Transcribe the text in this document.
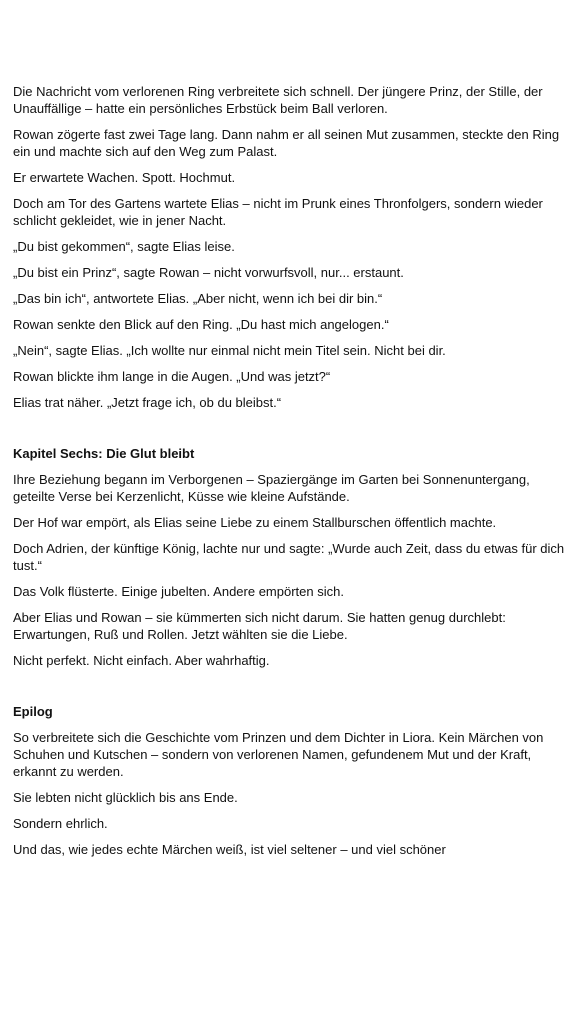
Die Nachricht vom verlorenen Ring verbreitete sich schnell. Der jüngere Prinz, der Stille, der Unauffällige – hatte ein persönliches Erbstück beim Ball verloren.

Rowan zögerte fast zwei Tage lang. Dann nahm er all seinen Mut zusammen, steckte den Ring ein und machte sich auf den Weg zum Palast.

Er erwartete Wachen. Spott. Hochmut.

Doch am Tor des Gartens wartete Elias – nicht im Prunk eines Thronfolgers, sondern wieder schlicht gekleidet, wie in jener Nacht.

„Du bist gekommen“, sagte Elias leise.

„Du bist ein Prinz“, sagte Rowan – nicht vorwurfsvoll, nur... erstaunt.

„Das bin ich“, antwortete Elias. „Aber nicht, wenn ich bei dir bin.“

Rowan senkte den Blick auf den Ring. „Du hast mich angelogen.“

„Nein“, sagte Elias. „Ich wollte nur einmal nicht mein Titel sein. Nicht bei dir.

Rowan blickte ihm lange in die Augen. „Und was jetzt?“

Elias trat näher. „Jetzt frage ich, ob du bleibst.“

Kapitel Sechs: Die Glut bleibt

Ihre Beziehung begann im Verborgenen – Spaziergänge im Garten bei Sonnenuntergang, geteilte Verse bei Kerzenlicht, Küsse wie kleine Aufstände.

Der Hof war empört, als Elias seine Liebe zu einem Stallburschen öffentlich machte.

Doch Adrien, der künftige König, lachte nur und sagte: „Wurde auch Zeit, dass du etwas für dich tust.“

Das Volk flüsterte. Einige jubelten. Andere empörten sich.

Aber Elias und Rowan – sie kümmerten sich nicht darum. Sie hatten genug durchlebt: Erwartungen, Ruß und Rollen. Jetzt wählten sie die Liebe.

Nicht perfekt. Nicht einfach. Aber wahrhaftig.

Epilog

So verbreitete sich die Geschichte vom Prinzen und dem Dichter in Liora. Kein Märchen von Schuhen und Kutschen – sondern von verlorenen Namen, gefundenem Mut und der Kraft, erkannt zu werden.

Sie lebten nicht glücklich bis ans Ende.

Sondern ehrlich.

Und das, wie jedes echte Märchen weiß, ist viel seltener – und viel schöner
